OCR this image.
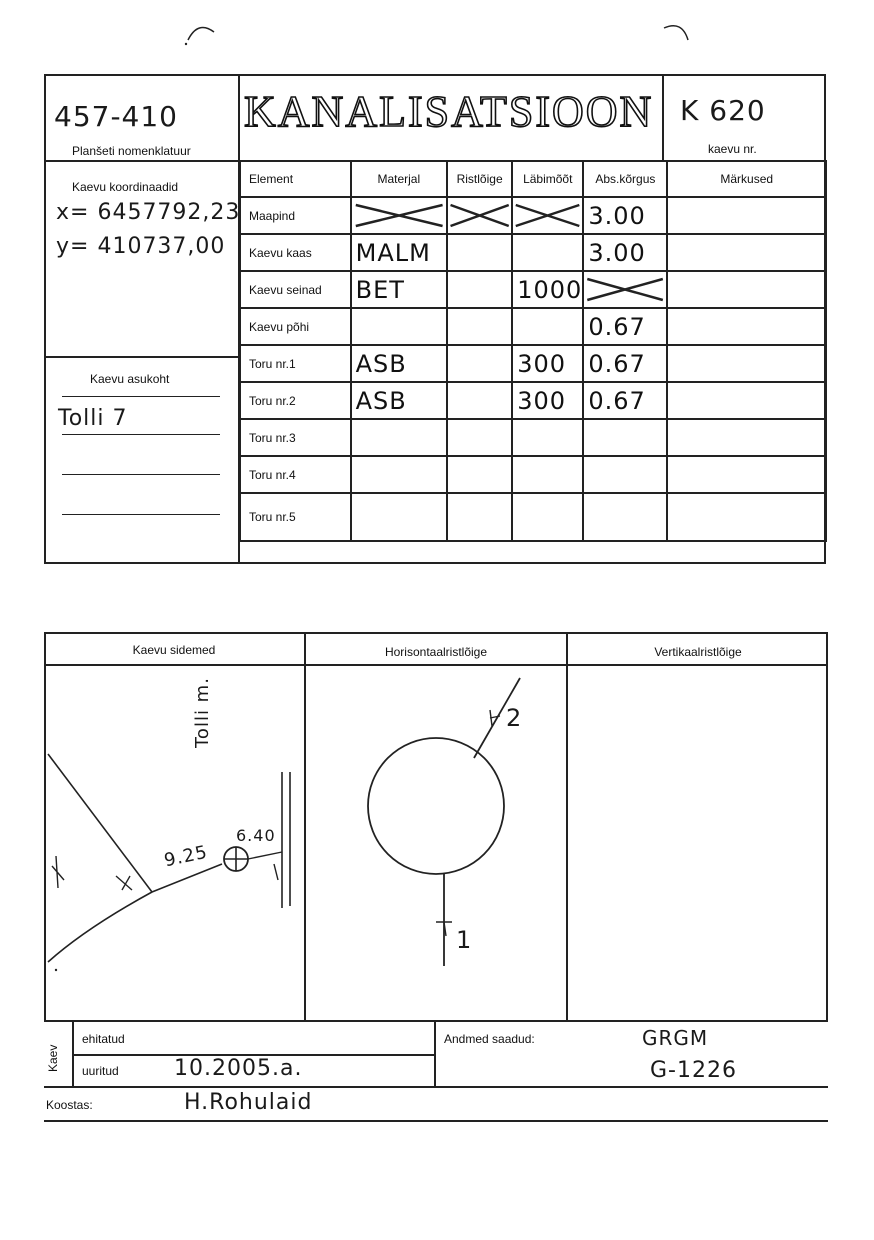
457-410
Planšeti nomenklatuur
KANALISATSIOON K 620
kaevu nr.
Kaevu koordinaadid
x= 6457792,23
y= 410737,00
Kaevu asukoht
Tolli 7
Element	Materjal	Ristlõige	Läbimõõt	Abs.kõrgus	Märkused
Maapind				3.00	
Kaevu kaas	MALM			3.00	
Kaevu seinad	BET		1000	

Kaevu põhi				0.67	
Toru nr.1	ASB		300	0.67	
Toru nr.2	ASB		300	0.67	
Toru nr.3					
Toru nr.4					
Toru nr.5					
Kaevu sidemed	Horisontaalristlõige	Vertikaalristlõige
Tolli m.
9.25
6.40
2
1
Kaev
ehitatud
uuritud	10.2005.a.
Andmed saadud:	GRGM
G-1226
Koostas:	H.Rohulaid
